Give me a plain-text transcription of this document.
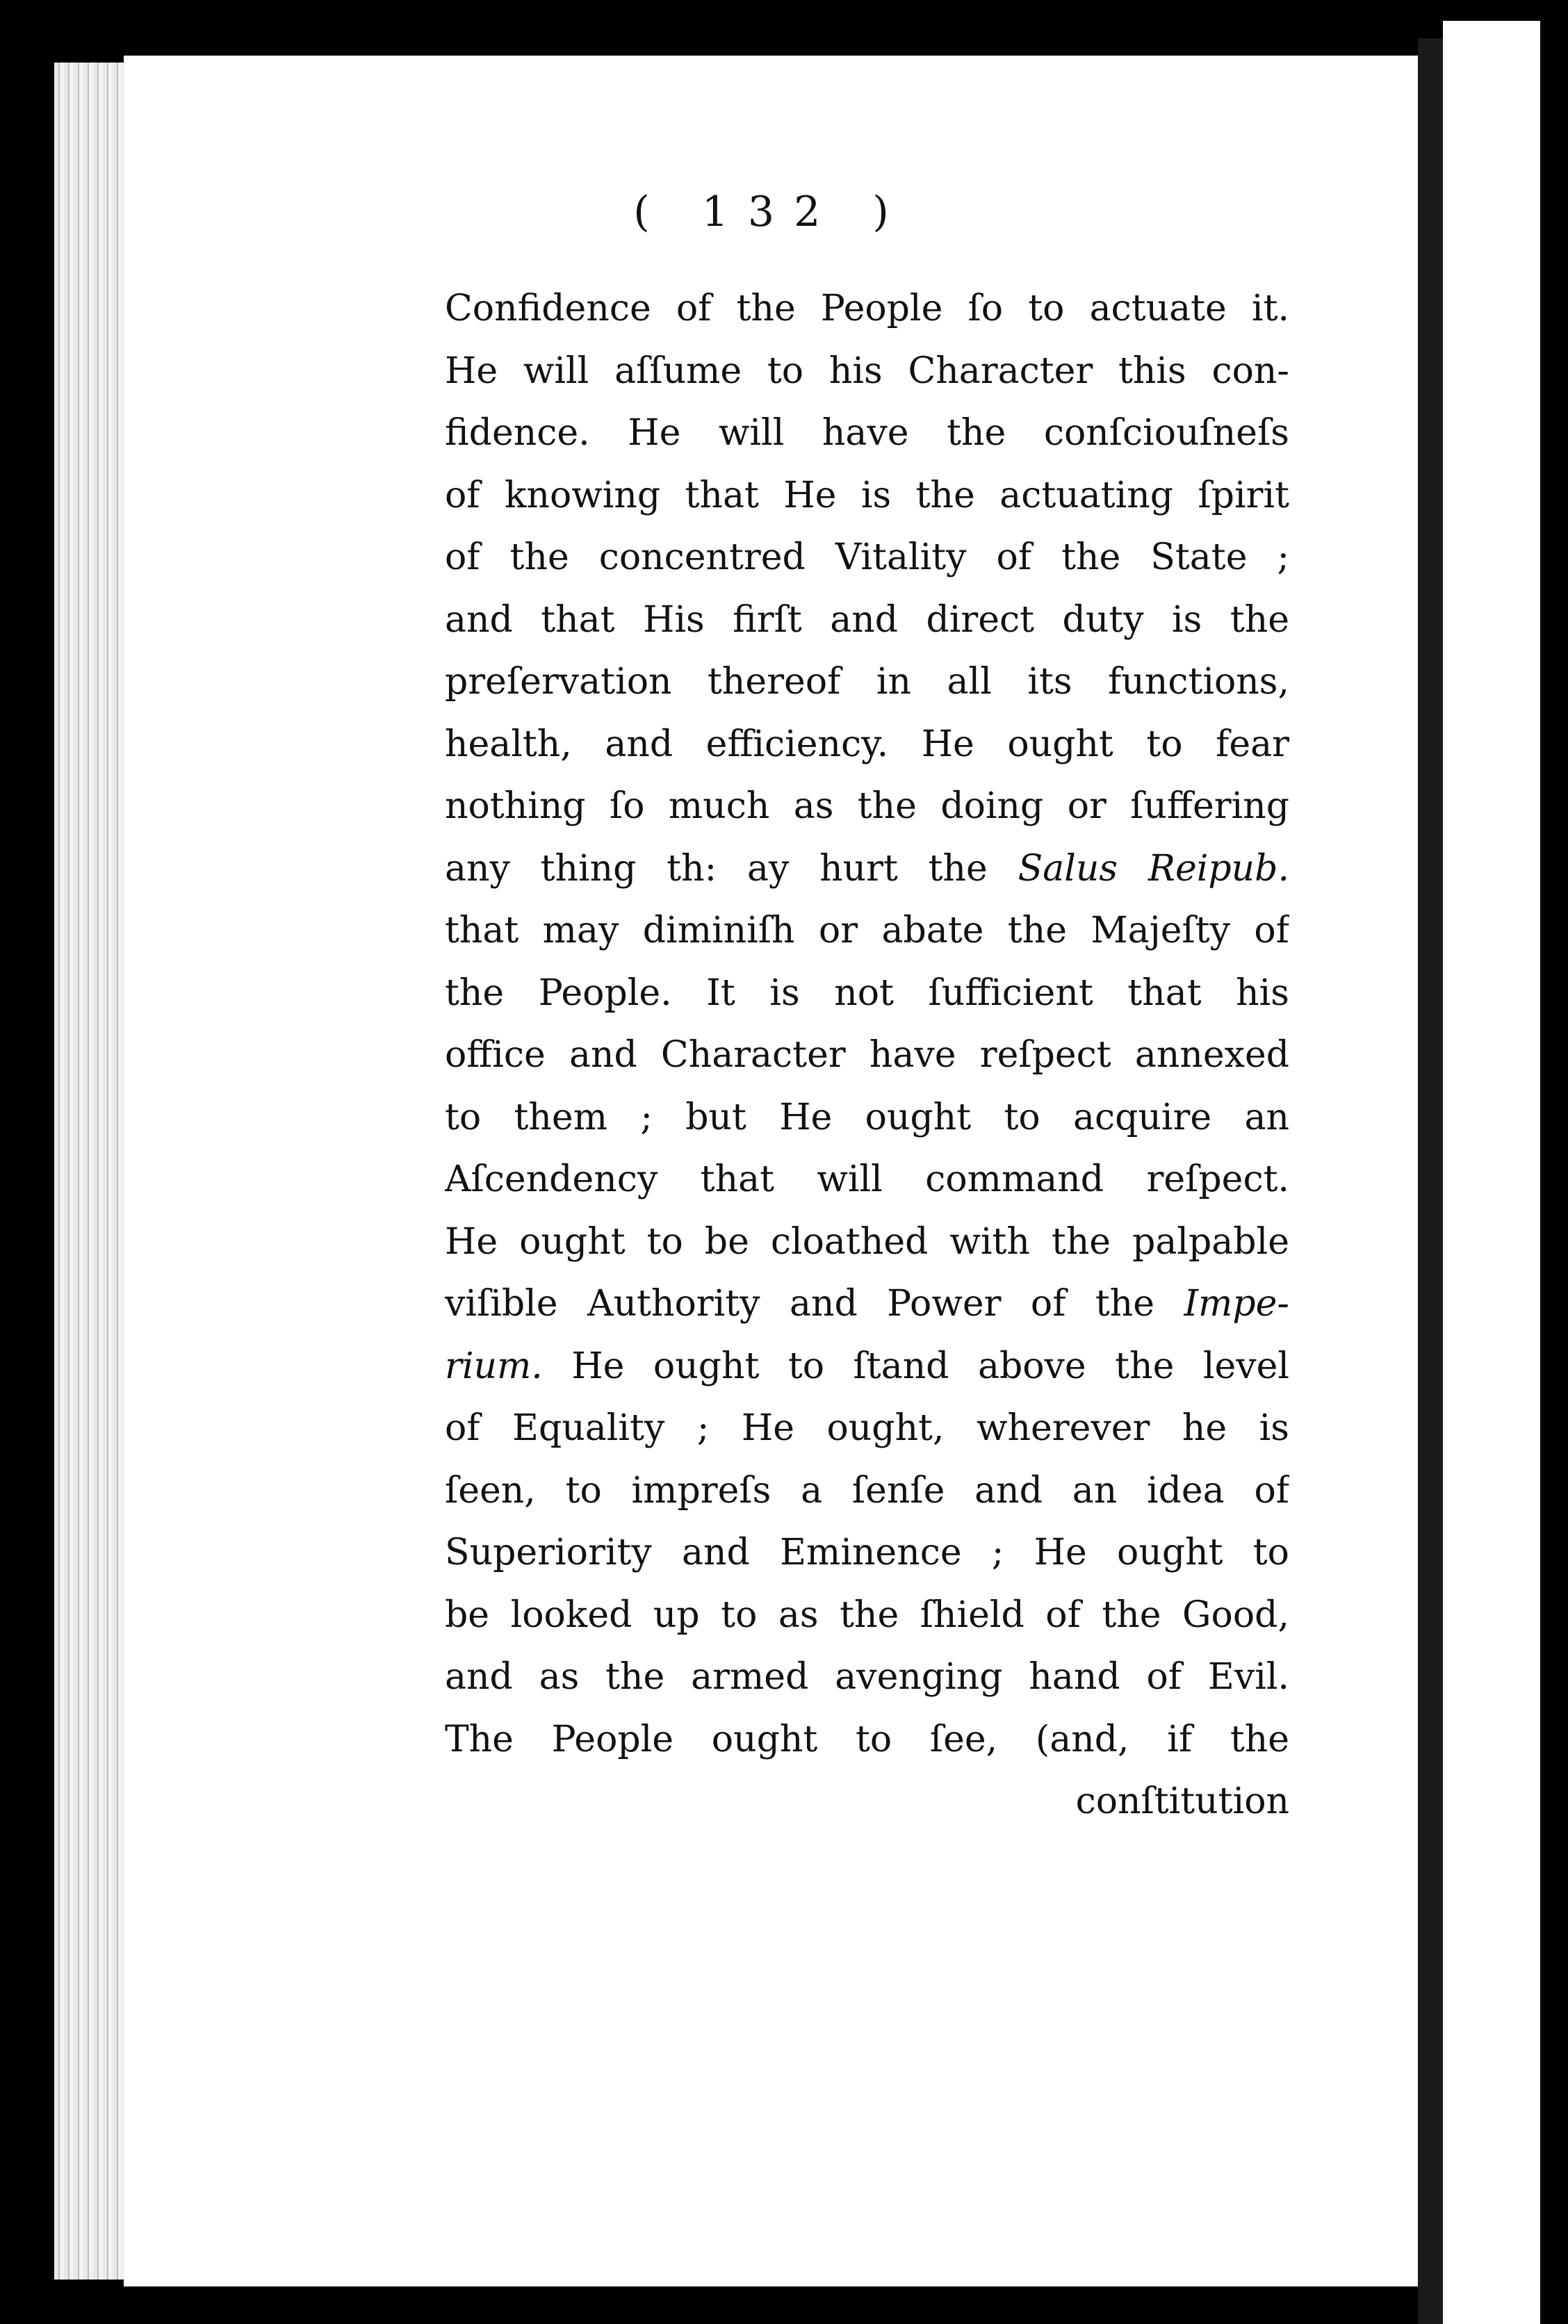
( 132 )
Confidence of the People ſo to actuate it.
He will aſſume to his Character this con-
fidence. He will have the conſciouſneſs
of knowing that He is the actuating ſpirit
of the concentred Vitality of the State ;
and that His firſt and direct duty is the
preſervation thereof in all its functions,
health, and efficiency. He ought to fear
nothing ſo much as the doing or ſuffering
any thing th: ay hurt the Salus Reipub.
that may diminiſh or abate the Majeſty of
the People. It is not ſufficient that his
office and Character have reſpect annexed
to them ; but He ought to acquire an
Aſcendency that will command reſpect.
He ought to be cloathed with the palpable
viſible Authority and Power of the Impe-
rium. He ought to ſtand above the level
of Equality ; He ought, wherever he is
ſeen, to impreſs a ſenſe and an idea of
Superiority and Eminence ; He ought to
be looked up to as the ſhield of the Good,
and as the armed avenging hand of Evil.
The People ought to ſee, (and, if the
conſtitution
